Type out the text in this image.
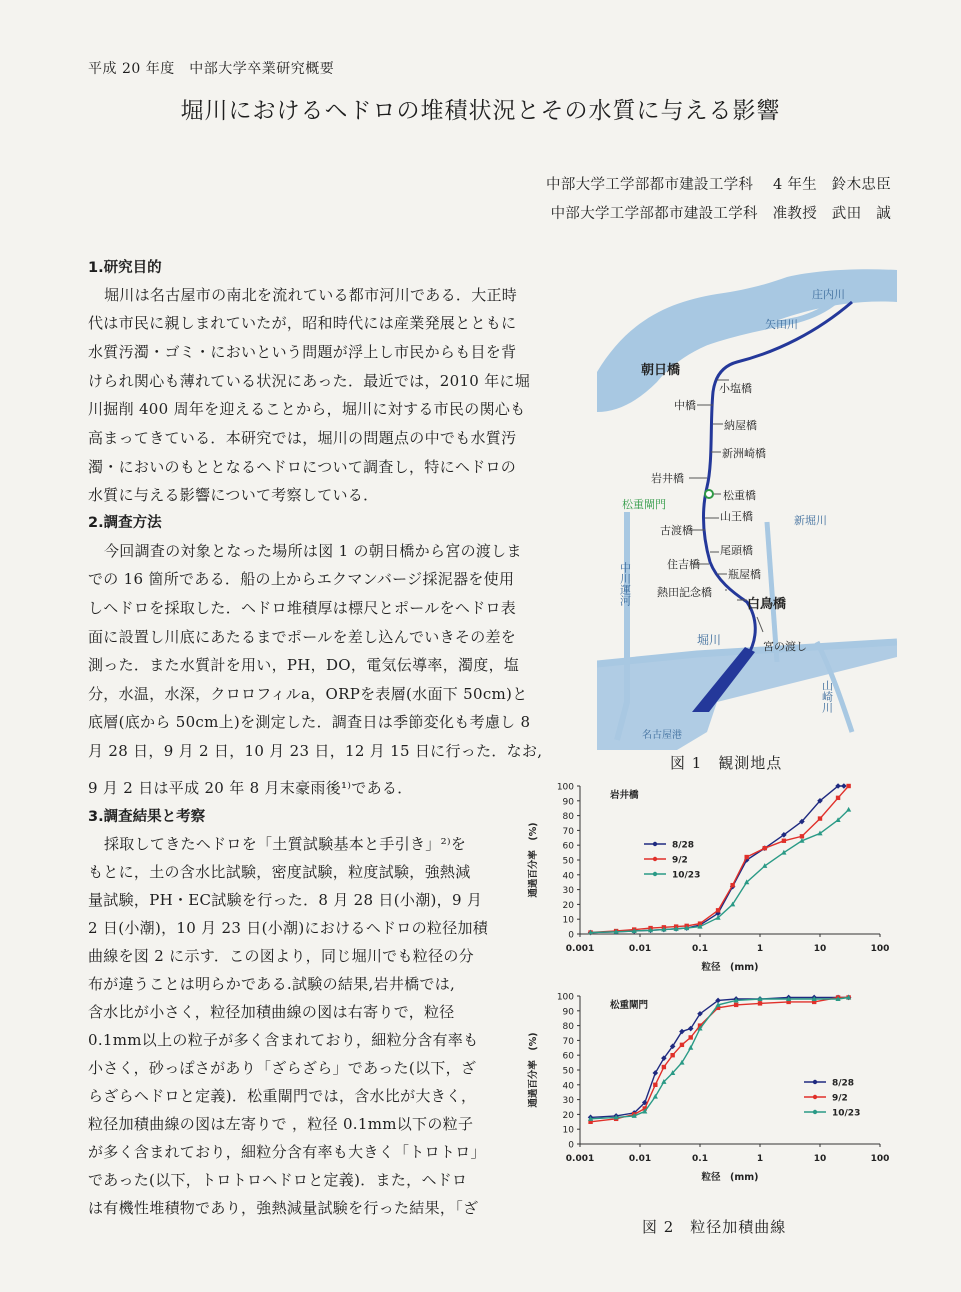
平成 20 年度　中部大学卒業研究概要
堀川におけるヘドロの堆積状況とその水質に与える影響
中部大学工学部都市建設工学科　 4 年生　鈴木忠臣
中部大学工学部都市建設工学科　准教授　武田　誠
1.研究目的
堀川は名古屋市の南北を流れている都市河川である．大正時
代は市民に親しまれていたが，昭和時代には産業発展とともに
水質汚濁・ゴミ・においという問題が浮上し市民からも目を背
けられ関心も薄れている状況にあった．最近では，2010 年に堀
川掘削 400 周年を迎えることから，堀川に対する市民の関心も
高まってきている．本研究では，堀川の問題点の中でも水質汚
濁・においのもととなるヘドロについて調査し，特にヘドロの
水質に与える影響について考察している．
2.調査方法
今回調査の対象となった場所は図 1 の朝日橋から宮の渡しま
での 16 箇所である．船の上からエクマンバージ採泥器を使用
しヘドロを採取した．ヘドロ堆積厚は標尺とポールをヘドロ表
面に設置し川底にあたるまでポールを差し込んでいきその差を
測った．また水質計を用い，PH，DO，電気伝導率，濁度，塩
分，水温，水深，クロロフィルa，ORPを表層(水面下 50cm)と
底層(底から 50cm上)を測定した．調査日は季節変化も考慮し 8
月 28 日，9 月 2 日，10 月 23 日，12 月 15 日に行った．なお,
9 月 2 日は平成 20 年 8 月末豪雨後¹⁾である．
3.調査結果と考察
採取してきたヘドロを「土質試験基本と手引き」²⁾を
もとに，土の含水比試験，密度試験，粒度試験，強熱減
量試験，PH・EC試験を行った．8 月 28 日(小潮)，9 月
2 日(小潮)，10 月 23 日(小潮)におけるヘドロの粒径加積
曲線を図 2 に示す．この図より，同じ堀川でも粒径の分
布が違うことは明らかである.試験の結果,岩井橋では,
含水比が小さく，粒径加積曲線の図は右寄りで，粒径
0.1mm以上の粒子が多く含まれており，細粒分含有率も
小さく，砂っぽさがあり「ざらざら」であった(以下，ざ
らざらヘドロと定義)．松重閘門では，含水比が大きく，
粒径加積曲線の図は左寄りで ，粒径 0.1mm以下の粒子
が多く含まれており，細粒分含有率も大きく「トロトロ」
であった(以下，トロトロヘドロと定義)．また，ヘドロ
は有機性堆積物であり，強熱減量試験を行った結果，「ざ
庄内川
矢田川
名古屋港
堀川
新堀川
中川運河
山崎川
朝日橋
中橋
岩井橋
松重閘門
古渡橋
住吉橋
熱田記念橋
小塩橋
納屋橋
新洲崎橋
松重橋
山王橋
尾頭橋
瓶屋橋
白鳥橋
宮の渡し
図 1　観測地点
0
10
20
30
40
50
60
70
80
90
100
0.001	0.01	0.1	1	10	100
岩井橋
粒径　(mm)
通過百分率　(%)	8/28
9/2
10/23
0
10
20
30
40
50
60
70
80
90
100
0.001	0.01	0.1	1	10	100
松重閘門
粒径　(mm)
通過百分率　(%)	8/28
9/2
10/23
図 2　粒径加積曲線
